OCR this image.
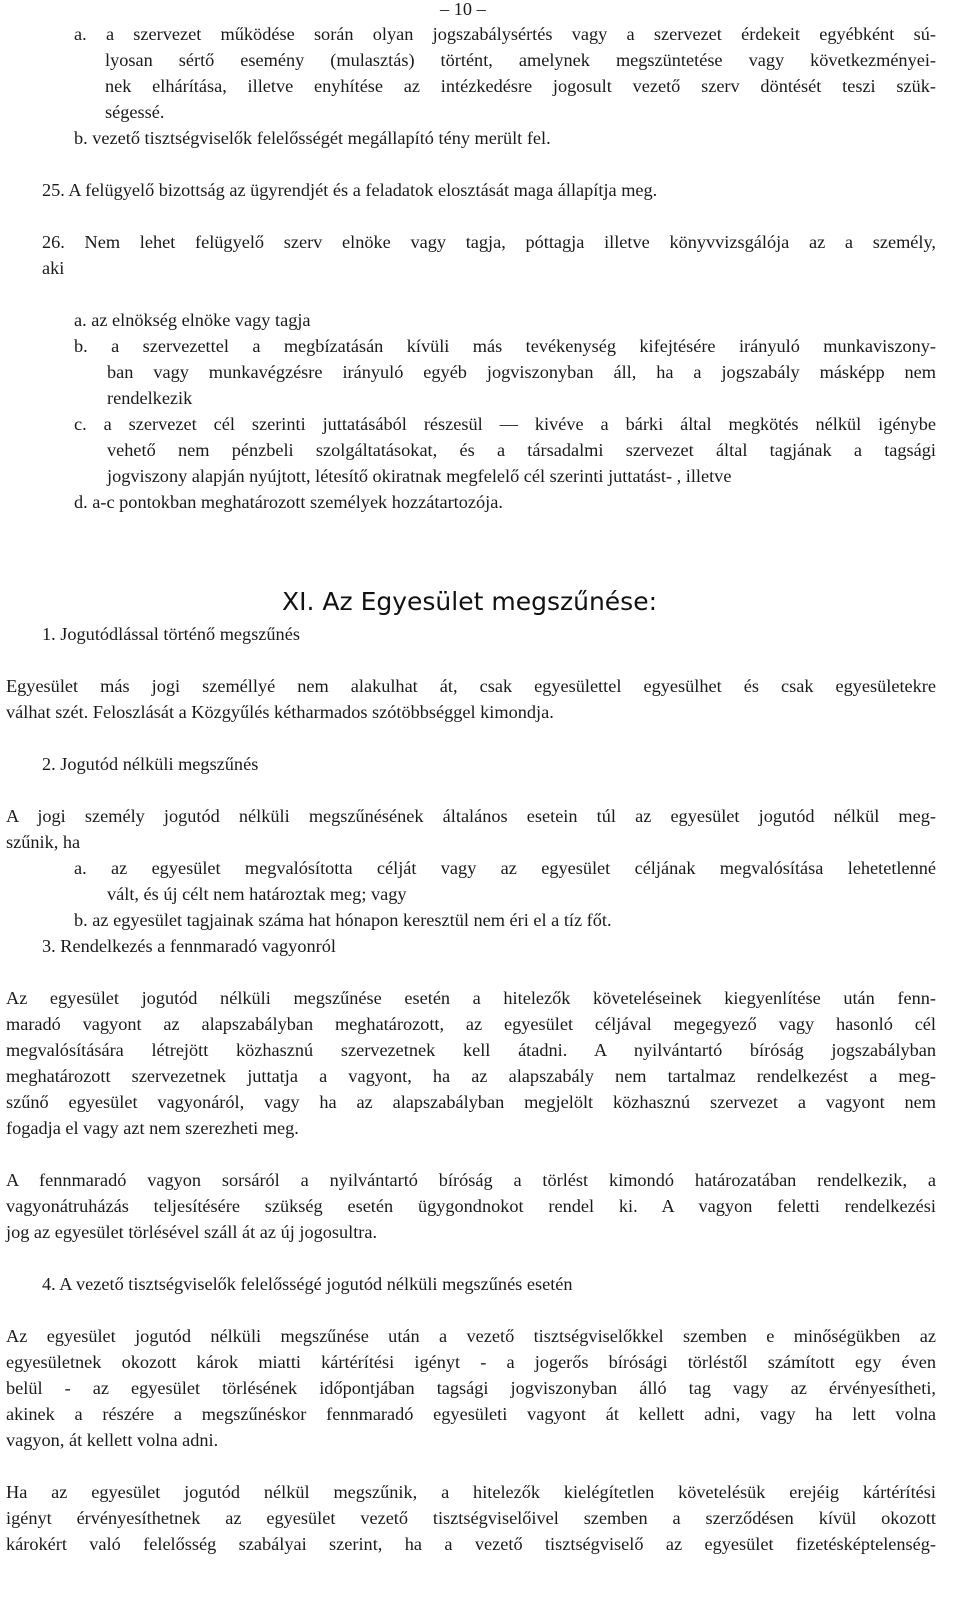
– 10 –
XI. Az Egyesület megszűnése:
a. a szervezet működése során olyan jogszabálysértés vagy a szervezet érdekeit egyébként sú-
lyosan sértő esemény (mulasztás) történt, amelynek megszüntetése vagy következményei-
nek elhárítása, illetve enyhítése az intézkedésre jogosult vezető szerv döntését teszi szük-
ségessé.
b. vezető tisztségviselők felelősségét megállapító tény merült fel.
25. A felügyelő bizottság az ügyrendjét és a feladatok elosztását maga állapítja meg.
26. Nem lehet felügyelő szerv elnöke vagy tagja, póttagja illetve könyvvizsgálója az a személy,
aki
a. az elnökség elnöke vagy tagja
b. a szervezettel a megbízatásán kívüli más tevékenység kifejtésére irányuló munkaviszony-
ban vagy munkavégzésre irányuló egyéb jogviszonyban áll, ha a jogszabály másképp nem
rendelkezik
c. a szervezet cél szerinti juttatásából részesül ― kivéve a bárki által megkötés nélkül igénybe
vehető nem pénzbeli szolgáltatásokat, és a társadalmi szervezet által tagjának a tagsági
jogviszony alapján nyújtott, létesítő okiratnak megfelelő cél szerinti juttatást- , illetve
d. a-c pontokban meghatározott személyek hozzátartozója.
1. Jogutódlással történő megszűnés
Egyesület más jogi személlyé nem alakulhat át, csak egyesülettel egyesülhet és csak egyesületekre
válhat szét. Feloszlását a Közgyűlés kétharmados szótöbbséggel kimondja.
2. Jogutód nélküli megszűnés
A jogi személy jogutód nélküli megszűnésének általános esetein túl az egyesület jogutód nélkül meg-
szűnik, ha
a. az egyesület megvalósította célját vagy az egyesület céljának megvalósítása lehetetlenné
vált, és új célt nem határoztak meg; vagy
b. az egyesület tagjainak száma hat hónapon keresztül nem éri el a tíz főt.
3. Rendelkezés a fennmaradó vagyonról
Az egyesület jogutód nélküli megszűnése esetén a hitelezők követeléseinek kiegyenlítése után fenn-
maradó vagyont az alapszabályban meghatározott, az egyesület céljával megegyező vagy hasonló cél
megvalósítására létrejött közhasznú szervezetnek kell átadni. A nyilvántartó bíróság jogszabályban
meghatározott szervezetnek juttatja a vagyont, ha az alapszabály nem tartalmaz rendelkezést a meg-
szűnő egyesület vagyonáról, vagy ha az alapszabályban megjelölt közhasznú szervezet a vagyont nem
fogadja el vagy azt nem szerezheti meg.
A fennmaradó vagyon sorsáról a nyilvántartó bíróság a törlést kimondó határozatában rendelkezik, a
vagyonátruházás teljesítésére szükség esetén ügygondnokot rendel ki. A vagyon feletti rendelkezési
jog az egyesület törlésével száll át az új jogosultra.
4. A vezető tisztségviselők felelősségé jogutód nélküli megszűnés esetén
Az egyesület jogutód nélküli megszűnése után a vezető tisztségviselőkkel szemben e minőségükben az
egyesületnek okozott károk miatti kártérítési igényt - a jogerős bírósági törléstől számított egy éven
belül - az egyesület törlésének időpontjában tagsági jogviszonyban álló tag vagy az érvényesítheti,
akinek a részére a megszűnéskor fennmaradó egyesületi vagyont át kellett adni, vagy ha lett volna
vagyon, át kellett volna adni.
Ha az egyesület jogutód nélkül megszűnik, a hitelezők kielégítetlen követelésük erejéig kártérítési
igényt érvényesíthetnek az egyesület vezető tisztségviselőivel szemben a szerződésen kívül okozott
károkért való felelősség szabályai szerint, ha a vezető tisztségviselő az egyesület fizetésképtelenség-
